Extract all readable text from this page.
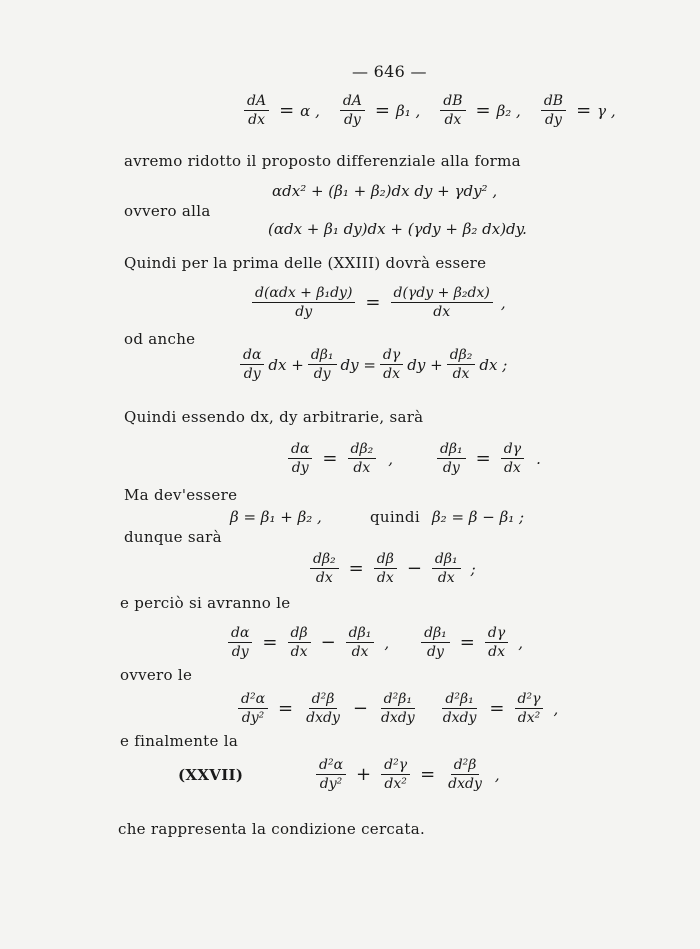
— 646 —
$\frac{dA}{dx} = \alpha$ , $\frac{dA}{dy} = \beta_1$ , $\frac{dB}{dx} = \beta_2$ , $\frac{dB}{dy} = \gamma$ ,
avremo ridotto il proposto differenziale alla forma
αdx² + (β₁ + β₂)dx dy + γdy² ,
ovvero alla
(αdx + β₁ dy)dx + (γdy + β₂ dx)dy.
Quindi per la prima delle (XXIII) dovrà essere
$\frac{\text{d(αdx + β₁dy)}}{dy} = \frac{\text{d(γdy + β₂dx)}}{dx}$ ,
od anche
$\frac{d\alpha}{dy}$ dx + $\frac{\text{dβ₁}}{dy}$ dy = $\frac{d\gamma}{dx}$ dy + $\frac{\text{dβ₂}}{dx}$ dx ;
Quindi essendo dx, dy arbitrarie, sarà
$\frac{d\alpha}{dy} = \frac{\text{dβ₂}}{dx}$ ,	$\frac{\text{dβ₁}}{dy} = \frac{d\gamma}{dx}$ .
Ma dev'essere
β = β₁ + β₂ ,	quindi β₂ = β − β₁ ;
dunque sarà
$\frac{\text{dβ₂}}{dx} = \frac{d\beta}{dx} - \frac{\text{dβ₁}}{dx}$ ;
e perciò si avranno le
$\frac{d\alpha}{dy} = \frac{d\beta}{dx} - \frac{\text{dβ₁}}{dx}$ , $\frac{\text{dβ₁}}{dy} = \frac{d\gamma}{dx}$ ,
ovvero le
$\frac{\text{d²α}}{\text{dy²}} = \frac{\text{d²β}}{\text{dxdy}} - \frac{\text{d²β₁}}{\text{dxdy}} \frac{\text{d²β₁}}{\text{dxdy}} = \frac{\text{d²γ}}{\text{dx²}}$ ,
e finalmente la
(XXVII)	$\frac{\text{d²α}}{\text{dy²}} + \frac{\text{d²γ}}{\text{dx²}} = \frac{\text{d²β}}{\text{dxdy}}$ ,
che rappresenta la condizione cercata.
